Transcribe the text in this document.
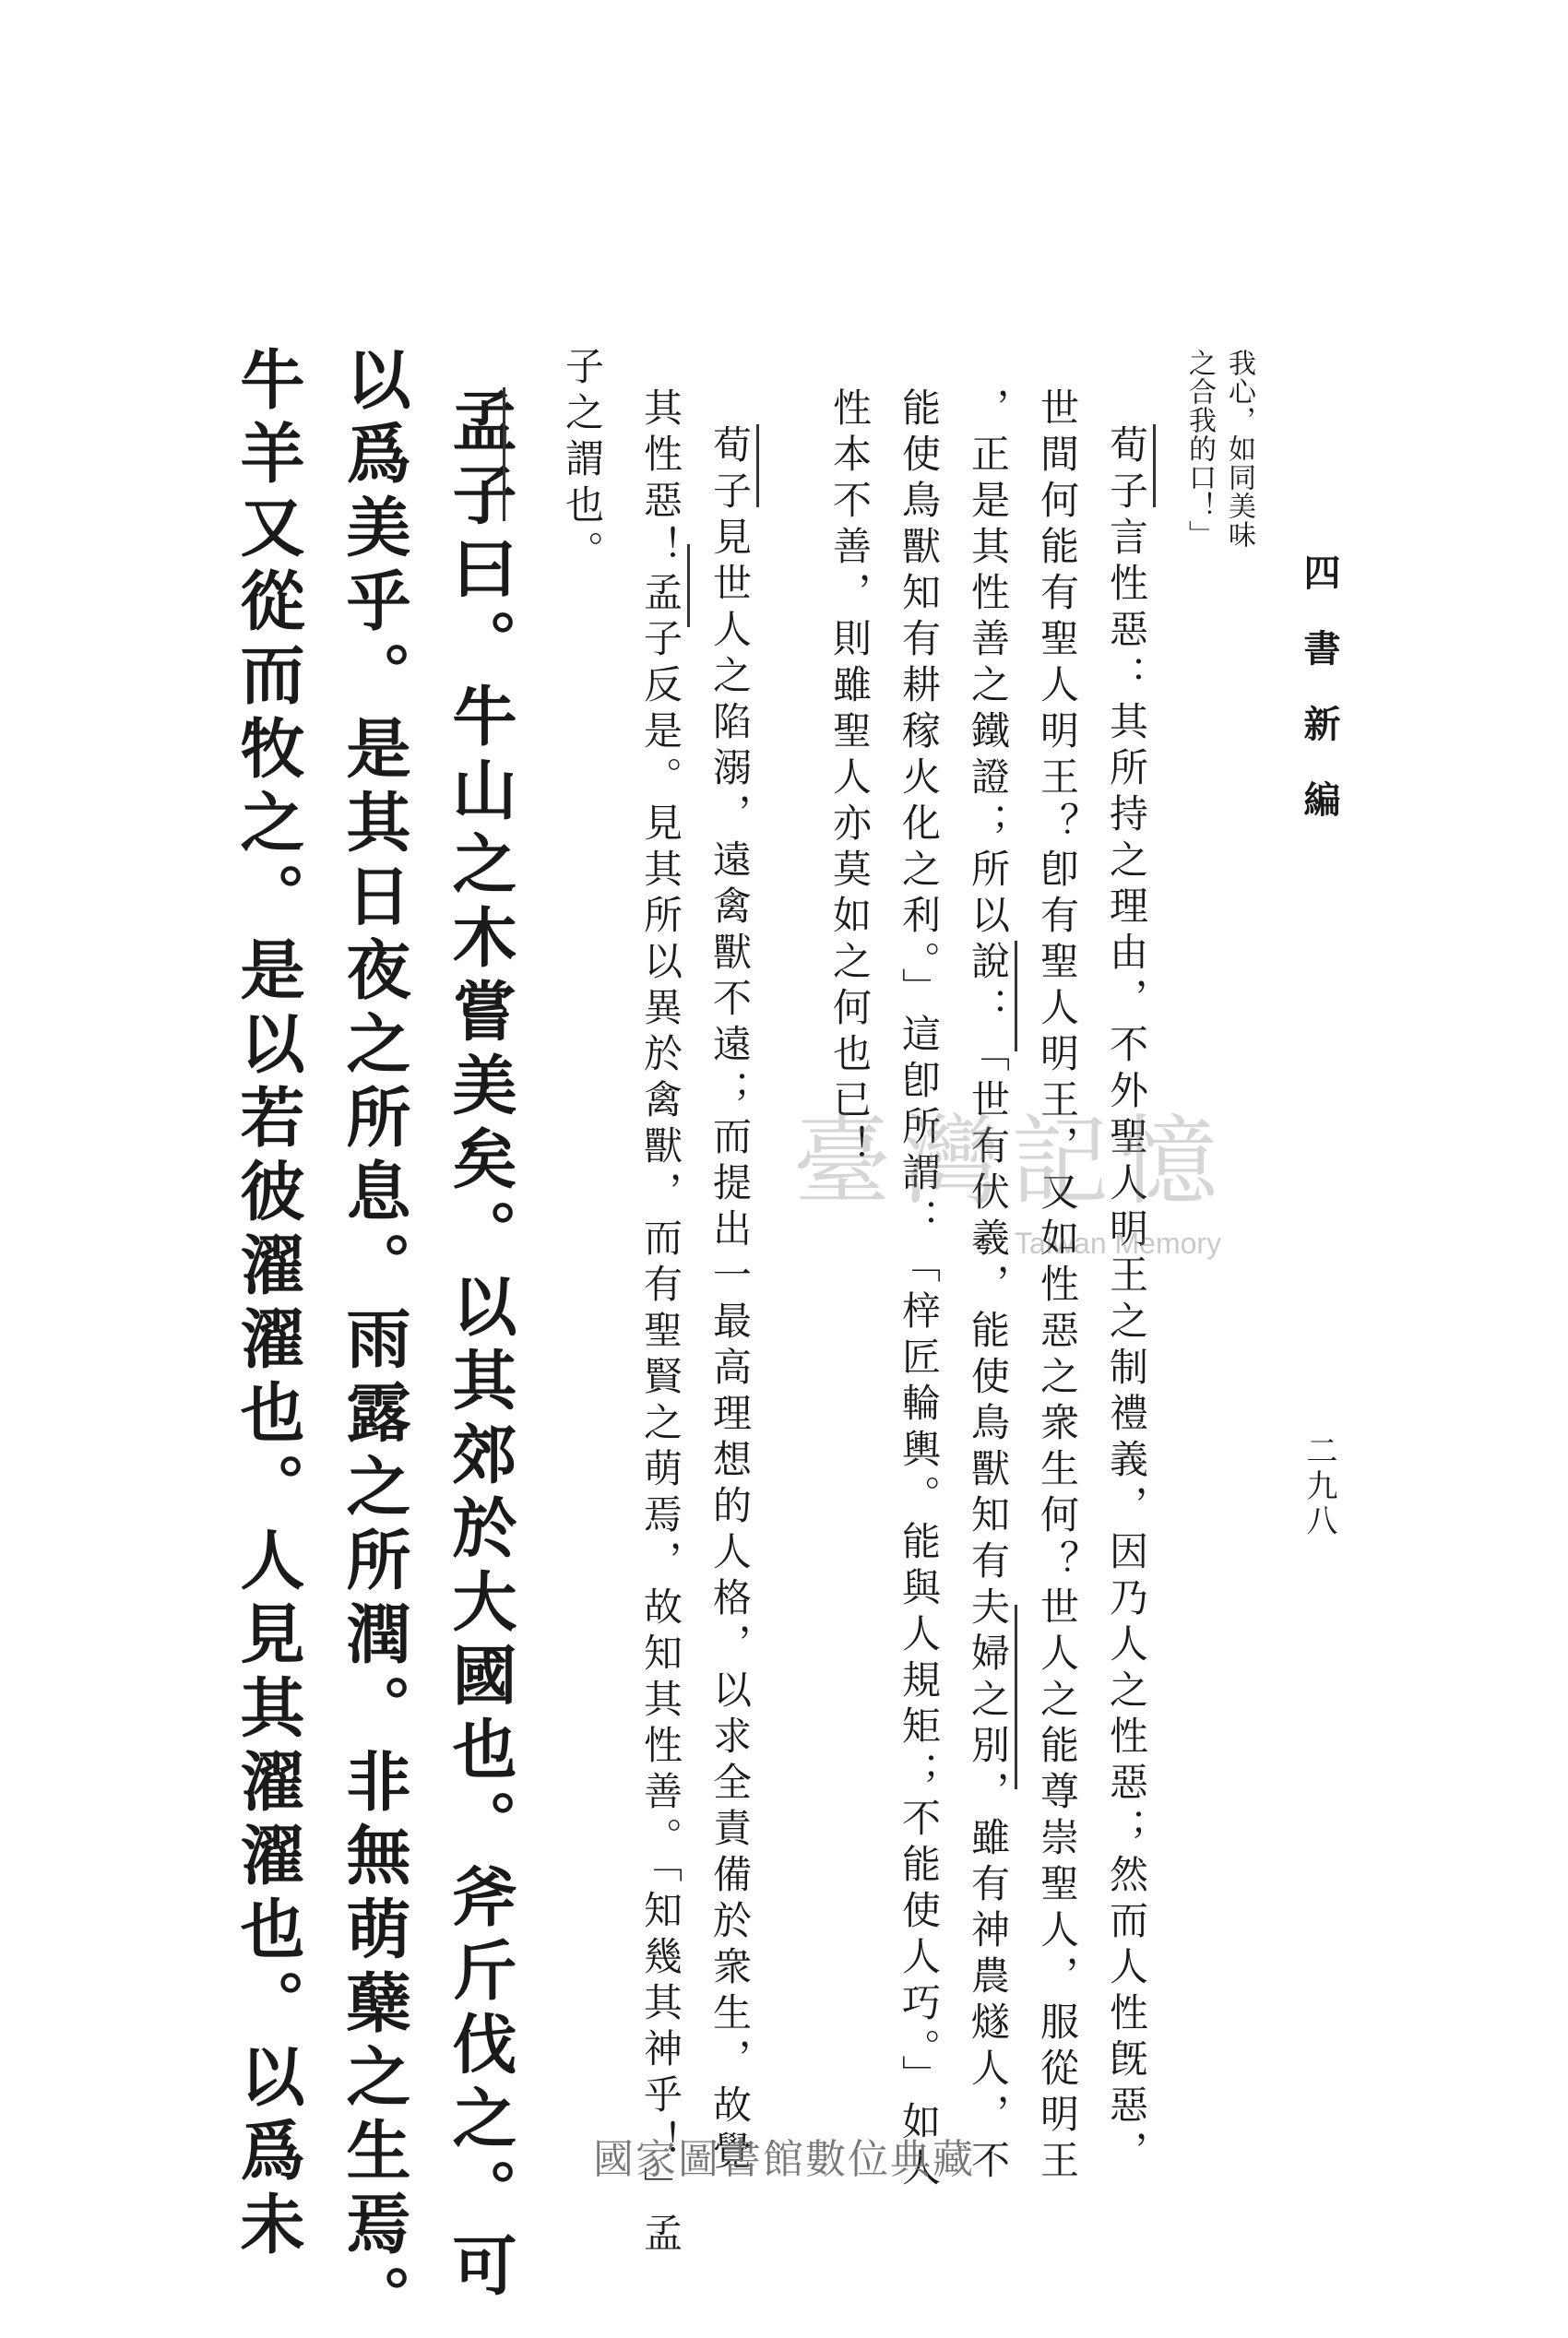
四書新編
二九八
我心，如同美味
之合我的口！」
荀子言性惡：其所持之理由，不外聖人明王之制禮義，因乃人之性惡；然而人性旣惡，
世間何能有聖人明王？卽有聖人明王，又如性惡之衆生何？世人之能尊崇聖人，服從明王
，正是其性善之鐵證；所以說：「世有伏羲，能使鳥獸知有夫婦之別，雖有神農燧人，不
能使鳥獸知有耕稼火化之利。」這卽所謂：「梓匠輪輿。能與人規矩；不能使人巧。」如人
性本不善，則雖聖人亦莫如之何也已！
荀子見世人之陷溺，遠禽獸不遠；而提出一最高理想的人格，以求全責備於衆生，故覺
其性惡！孟子反是。見其所以異於禽獸，而有聖賢之萌焉，故知其性善。「知幾其神乎！」孟
子之謂也。
孟子曰。牛山之木嘗美矣。以其郊於大國也。斧斤伐之。可
以爲美乎。是其日夜之所息。雨露之所潤。非無萌蘖之生焉。
牛羊又從而牧之。是以若彼濯濯也。人見其濯濯也。以爲未	臺灣記憶
Taiwan Memory
國家圖書館數位典藏
